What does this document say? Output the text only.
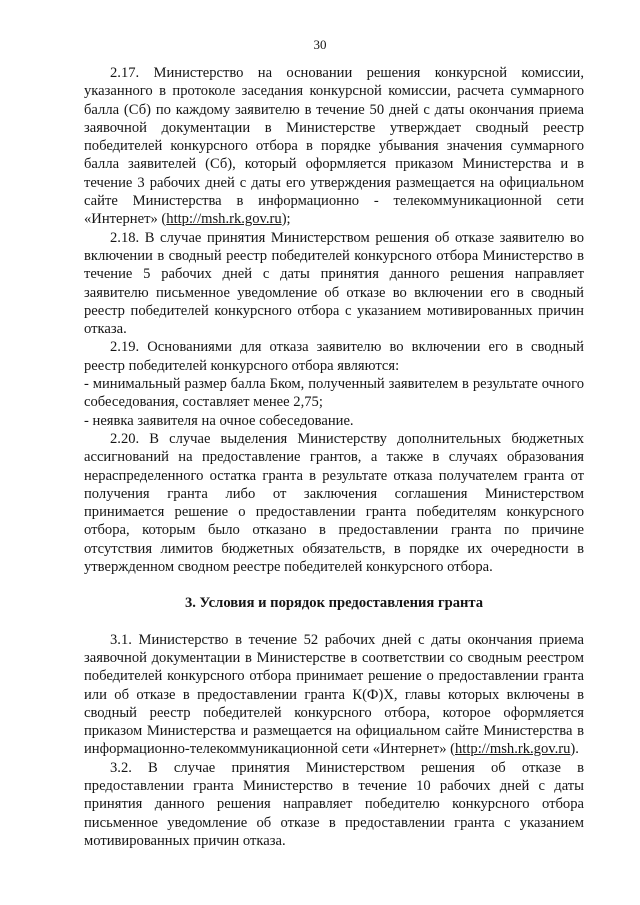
30

2.17. Министерство на основании решения конкурсной комиссии, указанного в протоколе заседания конкурсной комиссии, расчета суммарного балла (Сб) по каждому заявителю в течение 50 дней с даты окончания приема заявочной документации в Министерстве утверждает сводный реестр победителей конкурсного отбора в порядке убывания значения суммарного балла заявителей (Сб), который оформляется приказом Министерства и в течение 3 рабочих дней с даты его утверждения размещается на официальном сайте Министерства в информационно - телекоммуникационной сети «Интернет» (http://msh.rk.gov.ru);

2.18. В случае принятия Министерством решения об отказе заявителю во включении в сводный реестр победителей конкурсного отбора Министерство в течение 5 рабочих дней с даты принятия данного решения направляет заявителю письменное уведомление об отказе во включении его в сводный реестр победителей конкурсного отбора с указанием мотивированных причин отказа.

2.19. Основаниями для отказа заявителю во включении его в сводный реестр победителей конкурсного отбора являются:

- минимальный размер балла Бком, полученный заявителем в результате очного собеседования, составляет менее 2,75;

- неявка заявителя на очное собеседование.

2.20. В случае выделения Министерству дополнительных бюджетных ассигнований на предоставление грантов, а также в случаях образования нераспределенного остатка гранта в результате отказа получателем гранта от получения гранта либо от заключения соглашения Министерством принимается решение о предоставлении гранта победителям конкурсного отбора, которым было отказано в предоставлении гранта по причине отсутствия лимитов бюджетных обязательств, в порядке их очередности в утвержденном сводном реестре победителей конкурсного отбора.

3. Условия и порядок предоставления гранта

3.1. Министерство в течение 52 рабочих дней с даты окончания приема заявочной документации в Министерстве в соответствии со сводным реестром победителей конкурсного отбора принимает решение о предоставлении гранта или об отказе в предоставлении гранта К(Ф)Х, главы которых включены в сводный реестр победителей конкурсного отбора, которое оформляется приказом Министерства и размещается на официальном сайте Министерства в информационно-телекоммуникационной сети «Интернет» (http://msh.rk.gov.ru).

3.2. В случае принятия Министерством решения об отказе в предоставлении гранта Министерство в течение 10 рабочих дней с даты принятия данного решения направляет победителю конкурсного отбора письменное уведомление об отказе в предоставлении гранта с указанием мотивированных причин отказа.
